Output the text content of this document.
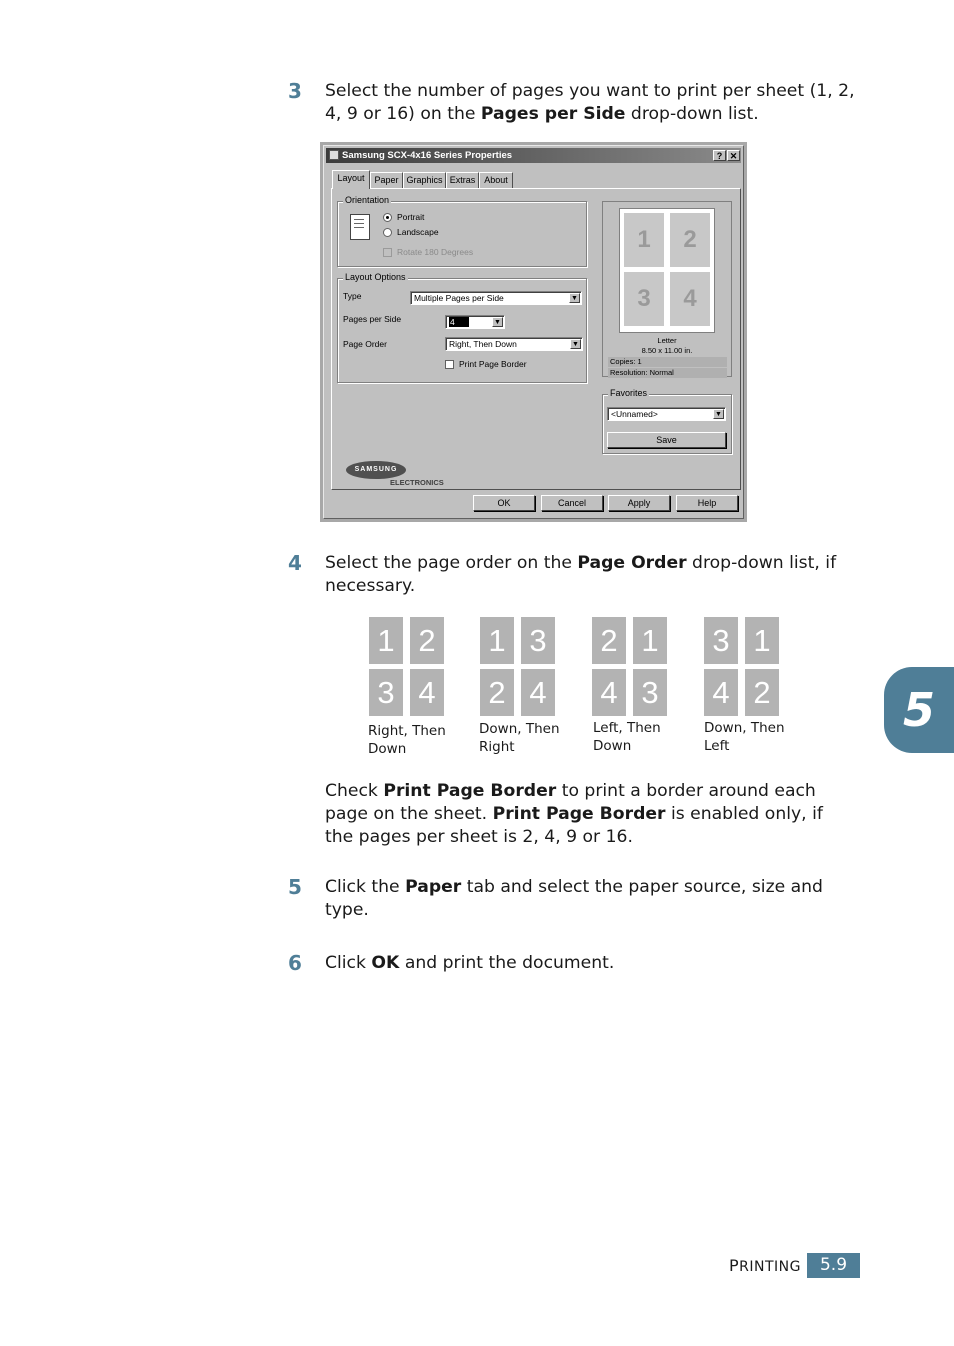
3 Select the number of pages you want to print per sheet (1, 2, 4, 9 or 16) on the Pages per Side drop-down list.
Samsung SCX-4x16 Series Properties	? ✕
Layout	Paper Graphics Extras About
Orientation
Portrait
Landscape
Rotate 180 Degrees
Layout Options
Type	Multiple Pages per Side	▼
Pages per Side	4	▼
Page Order	Right, Then Down	▼
Print Page Border
1	2
3	4
Letter
8.50 x 11.00 in.
Copies: 1
Resolution: Normal
Favorites
<Unnamed>	▼
Save
SAMSUNG
ELECTRONICS
OK	Cancel	Apply	Help
4 Select the page order on the Page Order drop-down list, if necessary.
1 2
3 4
Right, Then Down
1 3
2 4
Down, Then Right
2 1
4 3
Left, Then Down
3 1
4 2
Down, Then Left
Check Print Page Border to print a border around each page on the sheet. Print Page Border is enabled only, if the pages per sheet is 2, 4, 9 or 16.
5 Click the Paper tab and select the paper source, size and type.
6 Click OK and print the document.
5
PRINTING	5.9
